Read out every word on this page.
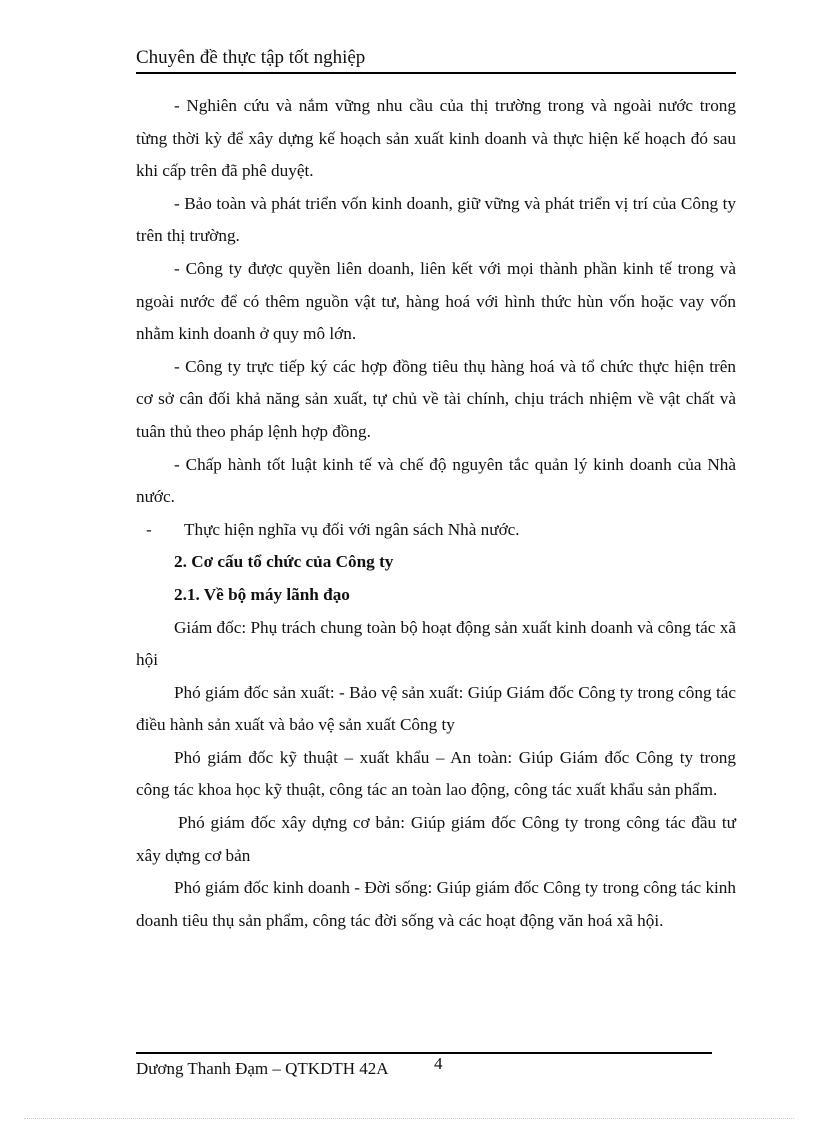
Chuyên đề thực tập tốt nghiệp

- Nghiên cứu và nắm vững nhu cầu của thị trường trong và ngoài nước trong từng thời kỳ để xây dựng kế hoạch sản xuất kinh doanh và thực hiện kế hoạch đó sau khi cấp trên đã phê duyệt.

- Bảo toàn và phát triển vốn kinh doanh, giữ vững và phát triển vị trí của Công ty trên thị trường.

- Công ty được quyền liên doanh, liên kết với mọi thành phần kinh tế trong và ngoài nước để có thêm nguồn vật tư, hàng hoá với hình thức hùn vốn hoặc vay vốn nhằm kinh doanh ở quy mô lớn.

- Công ty trực tiếp ký các hợp đồng tiêu thụ hàng hoá và tổ chức thực hiện trên cơ sở cân đối khả năng sản xuất, tự chủ về tài chính, chịu trách nhiệm về vật chất và tuân thủ theo pháp lệnh hợp đồng.

- Chấp hành tốt luật kinh tế và chế độ nguyên tắc quản lý kinh doanh của Nhà nước.

- Thực hiện nghĩa vụ đối với ngân sách Nhà nước.

2. Cơ cấu tổ chức của Công ty

2.1. Về bộ máy lãnh đạo

Giám đốc: Phụ trách chung toàn bộ hoạt động sản xuất kinh doanh và công tác xã hội

Phó giám đốc sản xuất: - Bảo vệ sản xuất: Giúp Giám đốc Công ty trong công tác điều hành sản xuất và bảo vệ sản xuất Công ty

Phó giám đốc kỹ thuật – xuất khẩu – An toàn: Giúp Giám đốc Công ty trong công tác khoa học kỹ thuật, công tác an toàn lao động, công tác xuất khẩu sản phẩm.

Phó giám đốc xây dựng cơ bản: Giúp giám đốc Công ty trong công tác đầu tư xây dựng cơ bản

Phó giám đốc kinh doanh - Đời sống: Giúp giám đốc Công ty trong công tác kinh doanh tiêu thụ sản phẩm, công tác đời sống và các hoạt động văn hoá xã hội.

Dương Thanh Đạm – QTKDTH 42A	4
